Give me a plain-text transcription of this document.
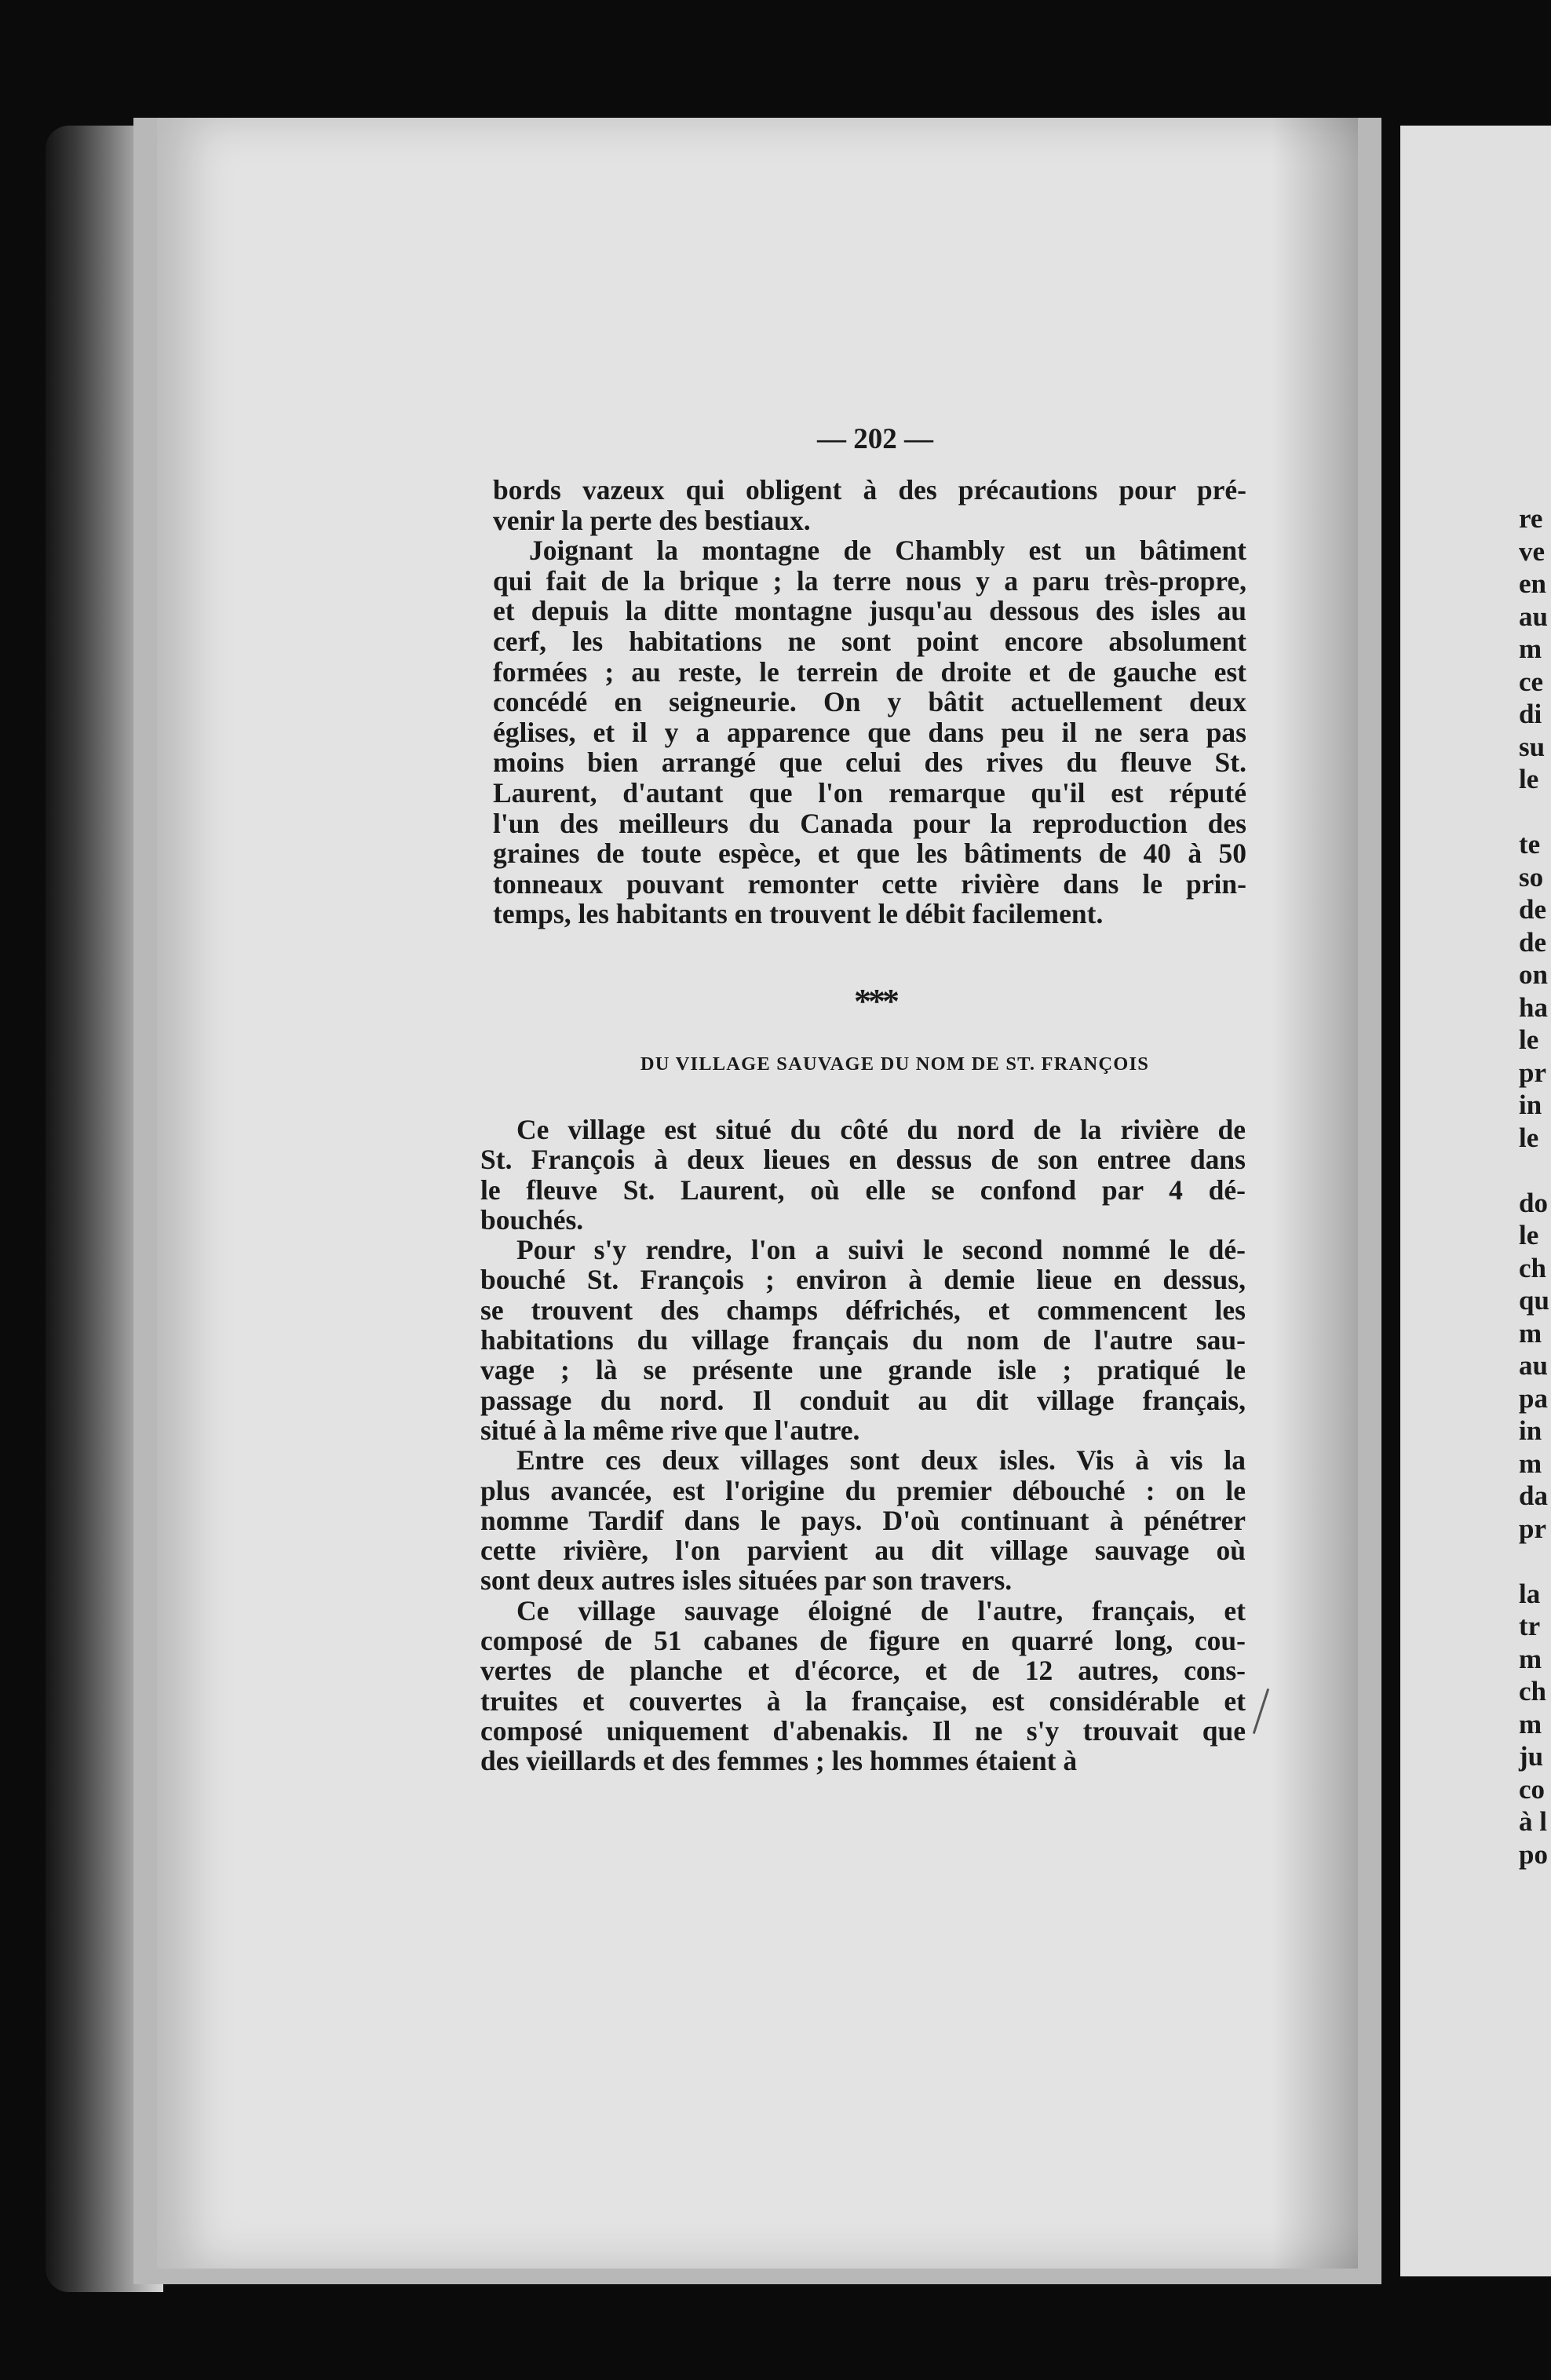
re
ve
en
au
m
ce
di
su
le
te
so
de
de
on
ha
le
pr
in
le
do
le
ch
qu
m
au
pa
in
m
da
pr
la
tr
m
ch
m
ju
co
à l
po
— 202 —
bords vazeux qui obligent à des précautions pour pré-
venir la perte des bestiaux.
Joignant la montagne de Chambly est un bâtiment
qui fait de la brique ; la terre nous y a paru très-propre,
et depuis la ditte montagne jusqu'au dessous des isles au
cerf, les habitations ne sont point encore absolument
formées ; au reste, le terrein de droite et de gauche est
concédé en seigneurie. On y bâtit actuellement deux
églises, et il y a apparence que dans peu il ne sera pas
moins bien arrangé que celui des rives du fleuve St.
Laurent, d'autant que l'on remarque qu'il est réputé
l'un des meilleurs du Canada pour la reproduction des
graines de toute espèce, et que les bâtiments de 40 à 50
tonneaux pouvant remonter cette rivière dans le prin-
temps, les habitants en trouvent le débit facilement.
***
DU VILLAGE SAUVAGE DU NOM DE ST. FRANÇOIS
Ce village est situé du côté du nord de la rivière de
St. François à deux lieues en dessus de son entree dans
le fleuve St. Laurent, où elle se confond par 4 dé-
bouchés.
Pour s'y rendre, l'on a suivi le second nommé le dé-
bouché St. François ; environ à demie lieue en dessus,
se trouvent des champs défrichés, et commencent les
habitations du village français du nom de l'autre sau-
vage ; là se présente une grande isle ; pratiqué le
passage du nord. Il conduit au dit village français,
situé à la même rive que l'autre.
Entre ces deux villages sont deux isles. Vis à vis la
plus avancée, est l'origine du premier débouché : on le
nomme Tardif dans le pays. D'où continuant à pénétrer
cette rivière, l'on parvient au dit village sauvage où
sont deux autres isles situées par son travers.
Ce village sauvage éloigné de l'autre, français, et
composé de 51 cabanes de figure en quarré long, cou-
vertes de planche et d'écorce, et de 12 autres, cons-
truites et couvertes à la française, est considérable et
composé uniquement d'abenakis. Il ne s'y trouvait que
des vieillards et des femmes ; les hommes étaient à
